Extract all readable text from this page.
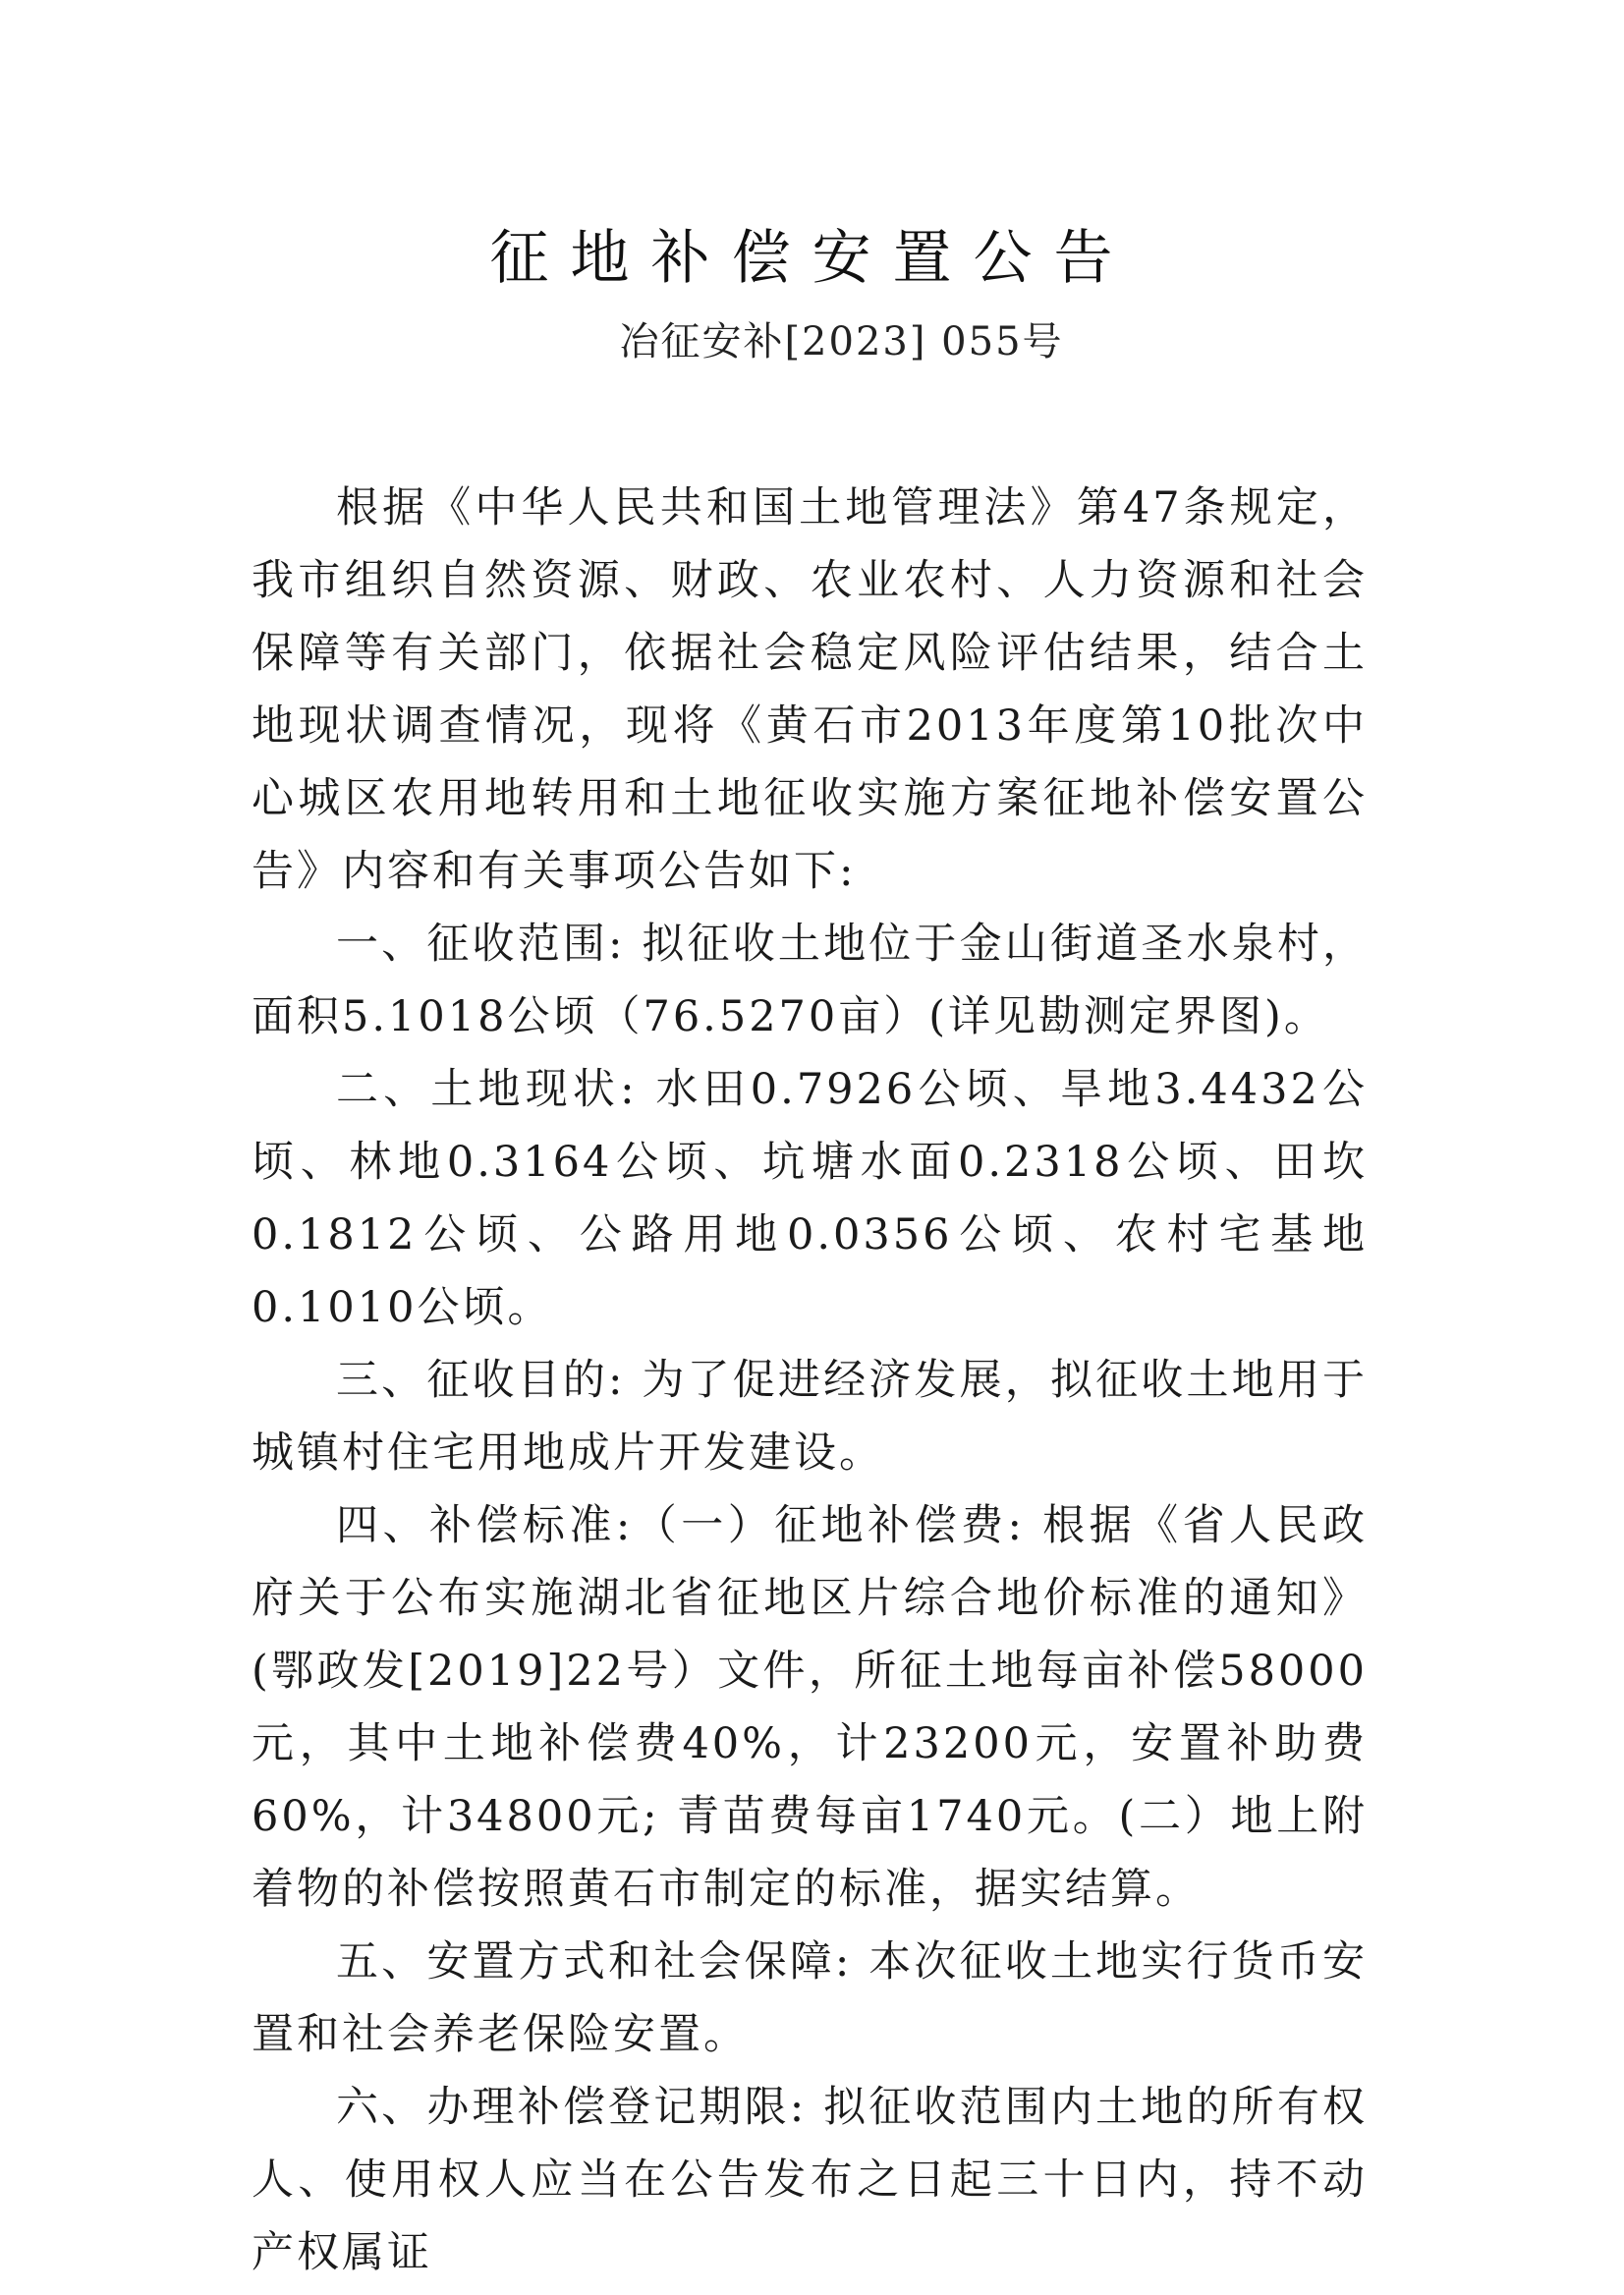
征地补偿安置公告
冶征安补[2023] 055号

根据《中华人民共和国土地管理法》第47条规定，我市组织自然资源、财政、农业农村、人力资源和社会保障等有关部门，依据社会稳定风险评估结果，结合土地现状调查情况，现将《黄石市2013年度第10批次中心城区农用地转用和土地征收实施方案征地补偿安置公告》内容和有关事项公告如下:

一、征收范围: 拟征收土地位于金山街道圣水泉村，面积5.1018公顷（76.5270亩）(详见勘测定界图)。

二、土地现状: 水田0.7926公顷、旱地3.4432公顷、林地0.3164公顷、坑塘水面0.2318公顷、田坎0.1812公顷、公路用地0.0356公顷、农村宅基地0.1010公顷。

三、征收目的: 为了促进经济发展，拟征收土地用于城镇村住宅用地成片开发建设。

四、补偿标准:（一）征地补偿费: 根据《省人民政府关于公布实施湖北省征地区片综合地价标准的通知》(鄂政发[2019]22号）文件，所征土地每亩补偿58000元，其中土地补偿费40%，计23200元，安置补助费60%，计34800元; 青苗费每亩1740元。(二）地上附着物的补偿按照黄石市制定的标准，据实结算。

五、安置方式和社会保障: 本次征收土地实行货币安置和社会养老保险安置。

六、办理补偿登记期限: 拟征收范围内土地的所有权人、使用权人应当在公告发布之日起三十日内，持不动产权属证
